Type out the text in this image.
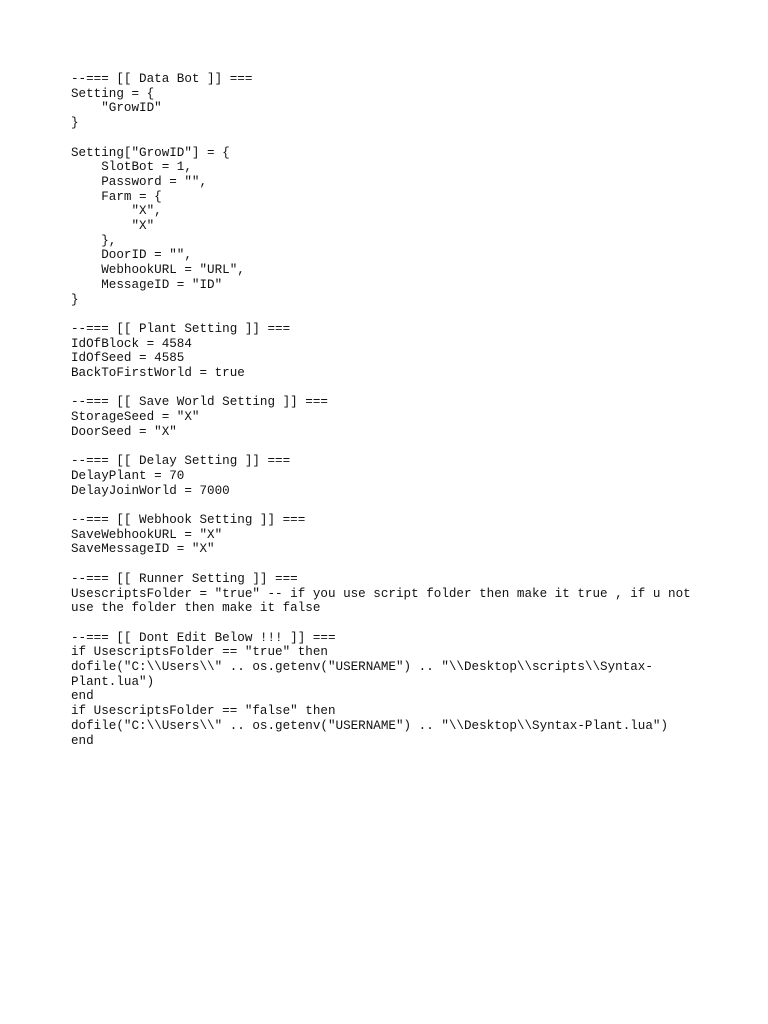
--=== [[ Data Bot ]] ===
Setting = {
"GrowID"
}
Setting["GrowID"] = {
SlotBot = 1,
Password = "",
Farm = {
"X",
"X"
},
DoorID = "",
WebhookURL = "URL",
MessageID = "ID"
}
--=== [[ Plant Setting ]] ===
IdOfBlock = 4584
IdOfSeed = 4585
BackToFirstWorld = true
--=== [[ Save World Setting ]] ===
StorageSeed = "X"
DoorSeed = "X"
--=== [[ Delay Setting ]] ===
DelayPlant = 70
DelayJoinWorld = 7000
--=== [[ Webhook Setting ]] ===
SaveWebhookURL = "X"
SaveMessageID = "X"
--=== [[ Runner Setting ]] ===
UsescriptsFolder = "true" -- if you use script folder then make it true , if u not
use the folder then make it false
--=== [[ Dont Edit Below !!! ]] ===
if UsescriptsFolder == "true" then
dofile("C:\\Users\\" .. os.getenv("USERNAME") .. "\\Desktop\\scripts\\Syntax-
Plant.lua")
end
if UsescriptsFolder == "false" then
dofile("C:\\Users\\" .. os.getenv("USERNAME") .. "\\Desktop\\Syntax-Plant.lua")
end
